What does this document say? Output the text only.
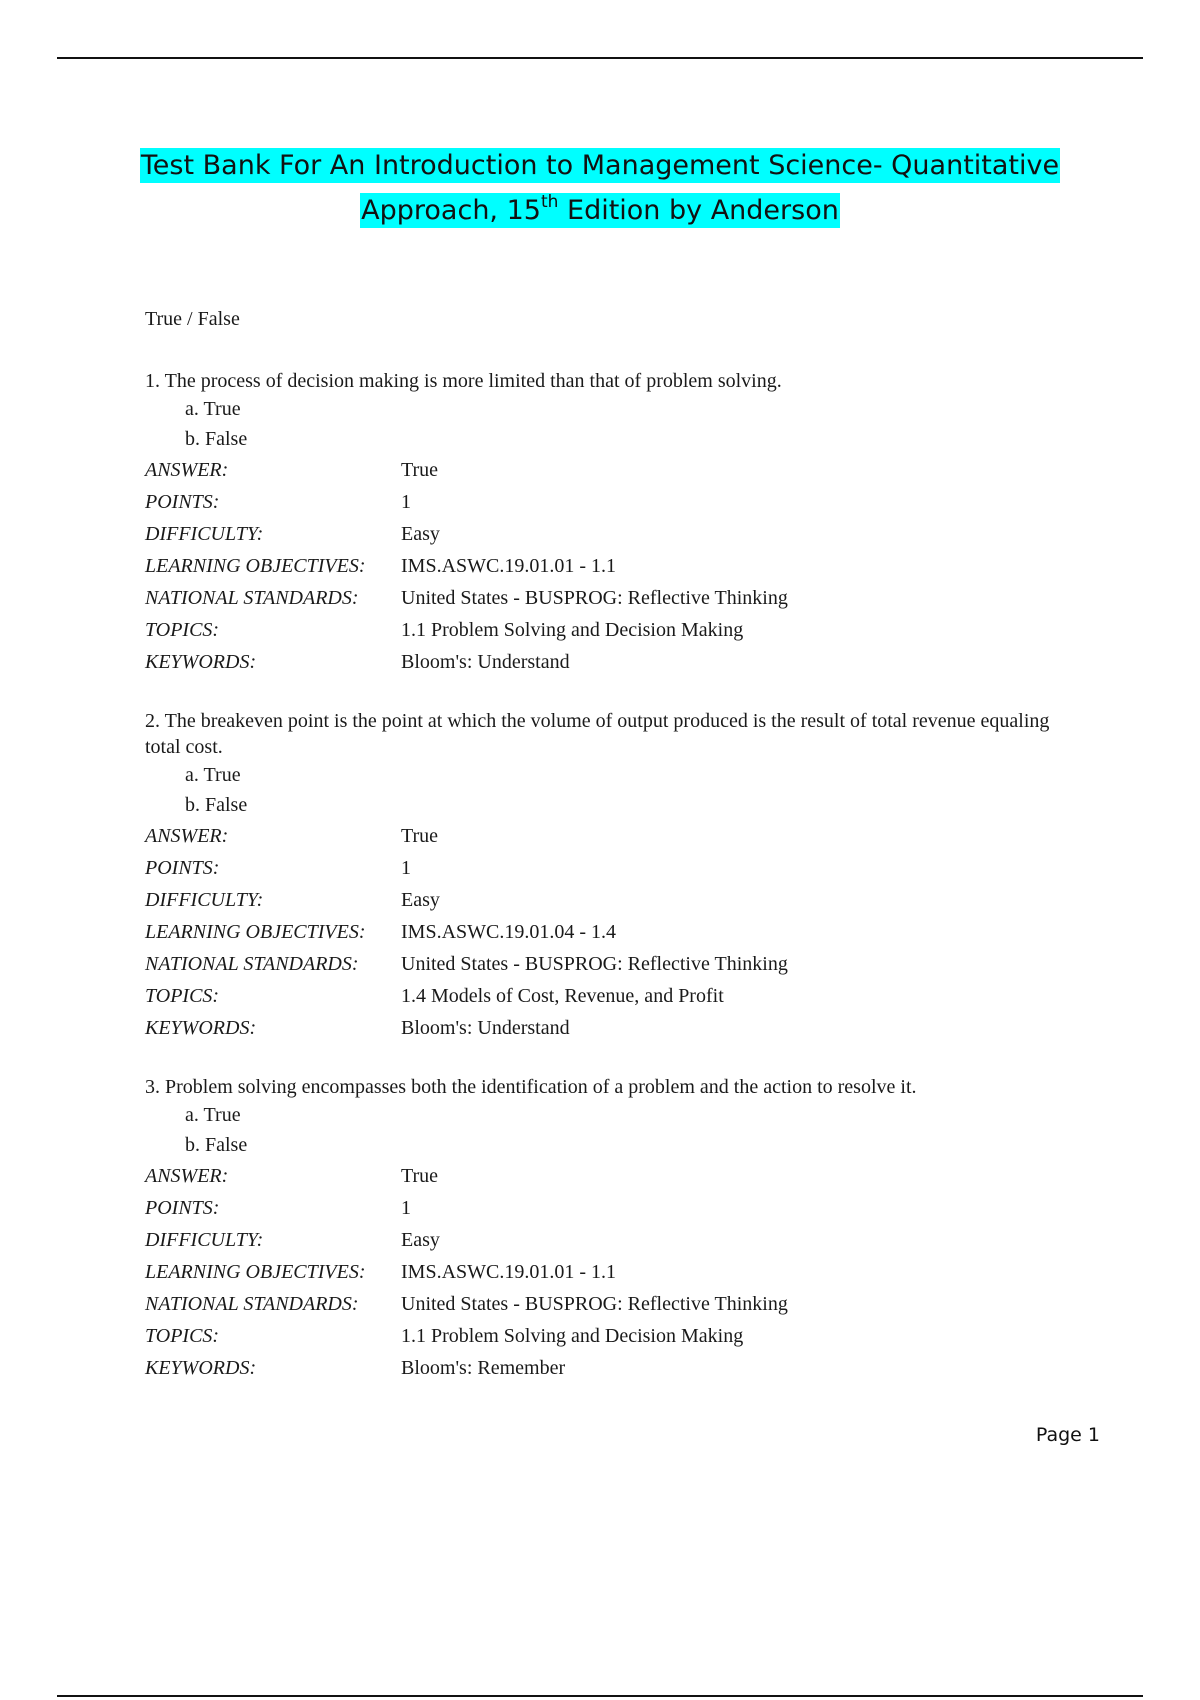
Test Bank For An Introduction to Management Science- Quantitative
Approach, 15th Edition by Anderson
True / False
1. The process of decision making is more limited than that of problem solving.
a. True
b. False
ANSWER:	True
POINTS:	1
DIFFICULTY:	Easy
LEARNING OBJECTIVES:	IMS.ASWC.19.01.01 - 1.1
NATIONAL STANDARDS:	United States - BUSPROG: Reflective Thinking
TOPICS:	1.1 Problem Solving and Decision Making
KEYWORDS:	Bloom's: Understand
2. The breakeven point is the point at which the volume of output produced is the result of total revenue equaling total cost.
a. True
b. False
ANSWER:	True
POINTS:	1
DIFFICULTY:	Easy
LEARNING OBJECTIVES:	IMS.ASWC.19.01.04 - 1.4
NATIONAL STANDARDS:	United States - BUSPROG: Reflective Thinking
TOPICS:	1.4 Models of Cost, Revenue, and Profit
KEYWORDS:	Bloom's: Understand
3. Problem solving encompasses both the identification of a problem and the action to resolve it.
a. True
b. False
ANSWER:	True
POINTS:	1
DIFFICULTY:	Easy
LEARNING OBJECTIVES:	IMS.ASWC.19.01.01 - 1.1
NATIONAL STANDARDS:	United States - BUSPROG: Reflective Thinking
TOPICS:	1.1 Problem Solving and Decision Making
KEYWORDS:	Bloom's: Remember
Page 1
